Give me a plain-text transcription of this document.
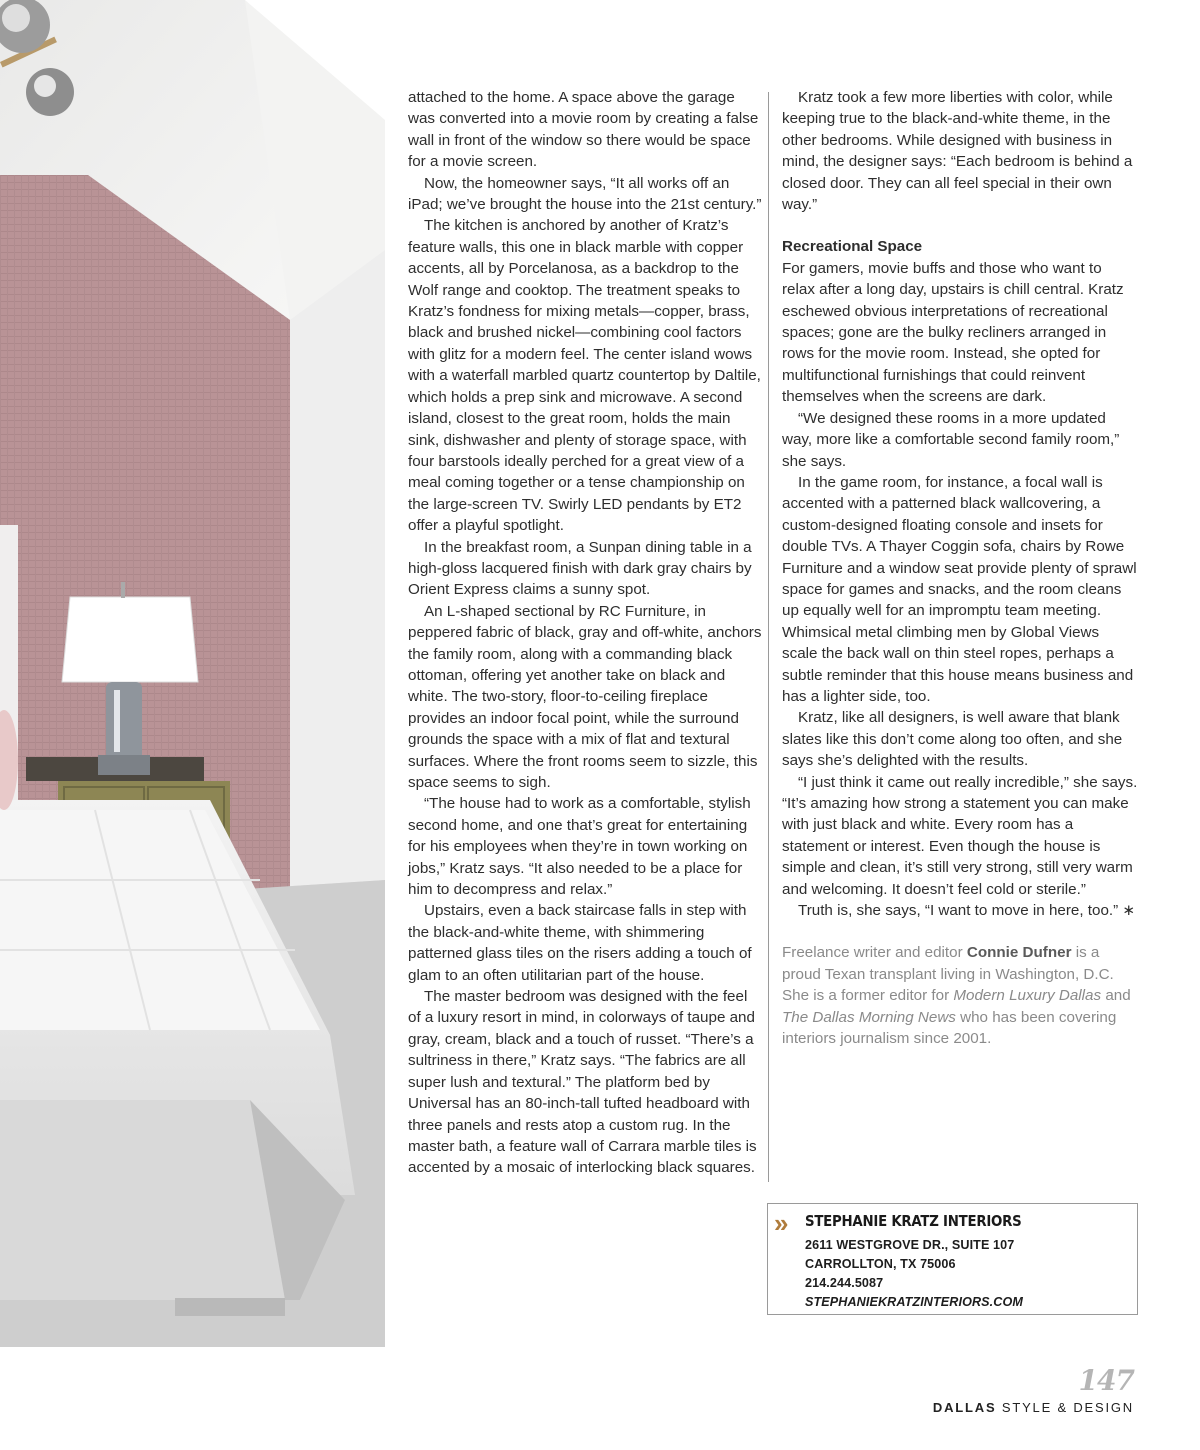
attached to the home. A space above the garage was converted into a movie room by creating a false wall in front of the window so there would be space for a movie screen.

Now, the homeowner says, “It all works off an iPad; we’ve brought the house into the 21st century.”

The kitchen is anchored by another of Kratz’s feature walls, this one in black marble with copper accents, all by Porcelanosa, as a backdrop to the Wolf range and cooktop. The treatment speaks to Kratz’s fondness for mixing metals—copper, brass, black and brushed nickel—combining cool factors with glitz for a modern feel. The center island wows with a waterfall marbled quartz countertop by Daltile, which holds a prep sink and microwave. A second island, closest to the great room, holds the main sink, dishwasher and plenty of storage space, with four barstools ideally perched for a great view of a meal coming together or a tense championship on the large-screen TV. Swirly LED pendants by ET2 offer a playful spotlight.

In the breakfast room, a Sunpan dining table in a high-gloss lacquered finish with dark gray chairs by Orient Express claims a sunny spot.

An L-shaped sectional by RC Furniture, in peppered fabric of black, gray and off-white, anchors the family room, along with a commanding black ottoman, offering yet another take on black and white. The two-story, floor-to-ceiling fireplace provides an indoor focal point, while the surround grounds the space with a mix of flat and textural surfaces. Where the front rooms seem to sizzle, this space seems to sigh.

“The house had to work as a comfortable, stylish second home, and one that’s great for entertaining for his employees when they’re in town working on jobs,” Kratz says. “It also needed to be a place for him to decompress and relax.”

Upstairs, even a back staircase falls in step with the black-and-white theme, with shimmering patterned glass tiles on the risers adding a touch of glam to an often utilitarian part of the house.

The master bedroom was designed with the feel of a luxury resort in mind, in colorways of taupe and gray, cream, black and a touch of russet. “There’s a sultriness in there,” Kratz says. “The fabrics are all super lush and textural.” The platform bed by Universal has an 80-inch-tall tufted headboard with three panels and rests atop a custom rug. In the master bath, a feature wall of Carrara marble tiles is accented by a mosaic of interlocking black squares.

Kratz took a few more liberties with color, while keeping true to the black-and-white theme, in the other bedrooms. While designed with business in mind, the designer says: “Each bedroom is behind a closed door. They can all feel special in their own way.”

Recreational Space

For gamers, movie buffs and those who want to relax after a long day, upstairs is chill central. Kratz eschewed obvious interpretations of recreational spaces; gone are the bulky recliners arranged in rows for the movie room. Instead, she opted for multifunctional furnishings that could reinvent themselves when the screens are dark.

“We designed these rooms in a more updated way, more like a comfortable second family room,” she says.

In the game room, for instance, a focal wall is accented with a patterned black wallcovering, a custom-designed floating console and insets for double TVs. A Thayer Coggin sofa, chairs by Rowe Furniture and a window seat provide plenty of sprawl space for games and snacks, and the room cleans up equally well for an impromptu team meeting. Whimsical metal climbing men by Global Views scale the back wall on thin steel ropes, perhaps a subtle reminder that this house means business and has a lighter side, too.

Kratz, like all designers, is well aware that blank slates like this don’t come along too often, and she says she’s delighted with the results.

“I just think it came out really incredible,” she says. “It’s amazing how strong a statement you can make with just black and white. Every room has a statement or interest. Even though the house is simple and clean, it’s still very strong, still very warm and welcoming. It doesn’t feel cold or sterile.”

Truth is, she says, “I want to move in here, too.” ∗

Freelance writer and editor Connie Dufner is a proud Texan transplant living in Washington, D.C. She is a former editor for Modern Luxury Dallas and The Dallas Morning News who has been covering interiors journalism since 2001.

» STEPHANIE KRATZ INTERIORS
2611 WESTGROVE DR., SUITE 107
CARROLLTON, TX 75006
214.244.5087
STEPHANIEKRATZINTERIORS.COM
147
DALLAS STYLE & DESIGN
